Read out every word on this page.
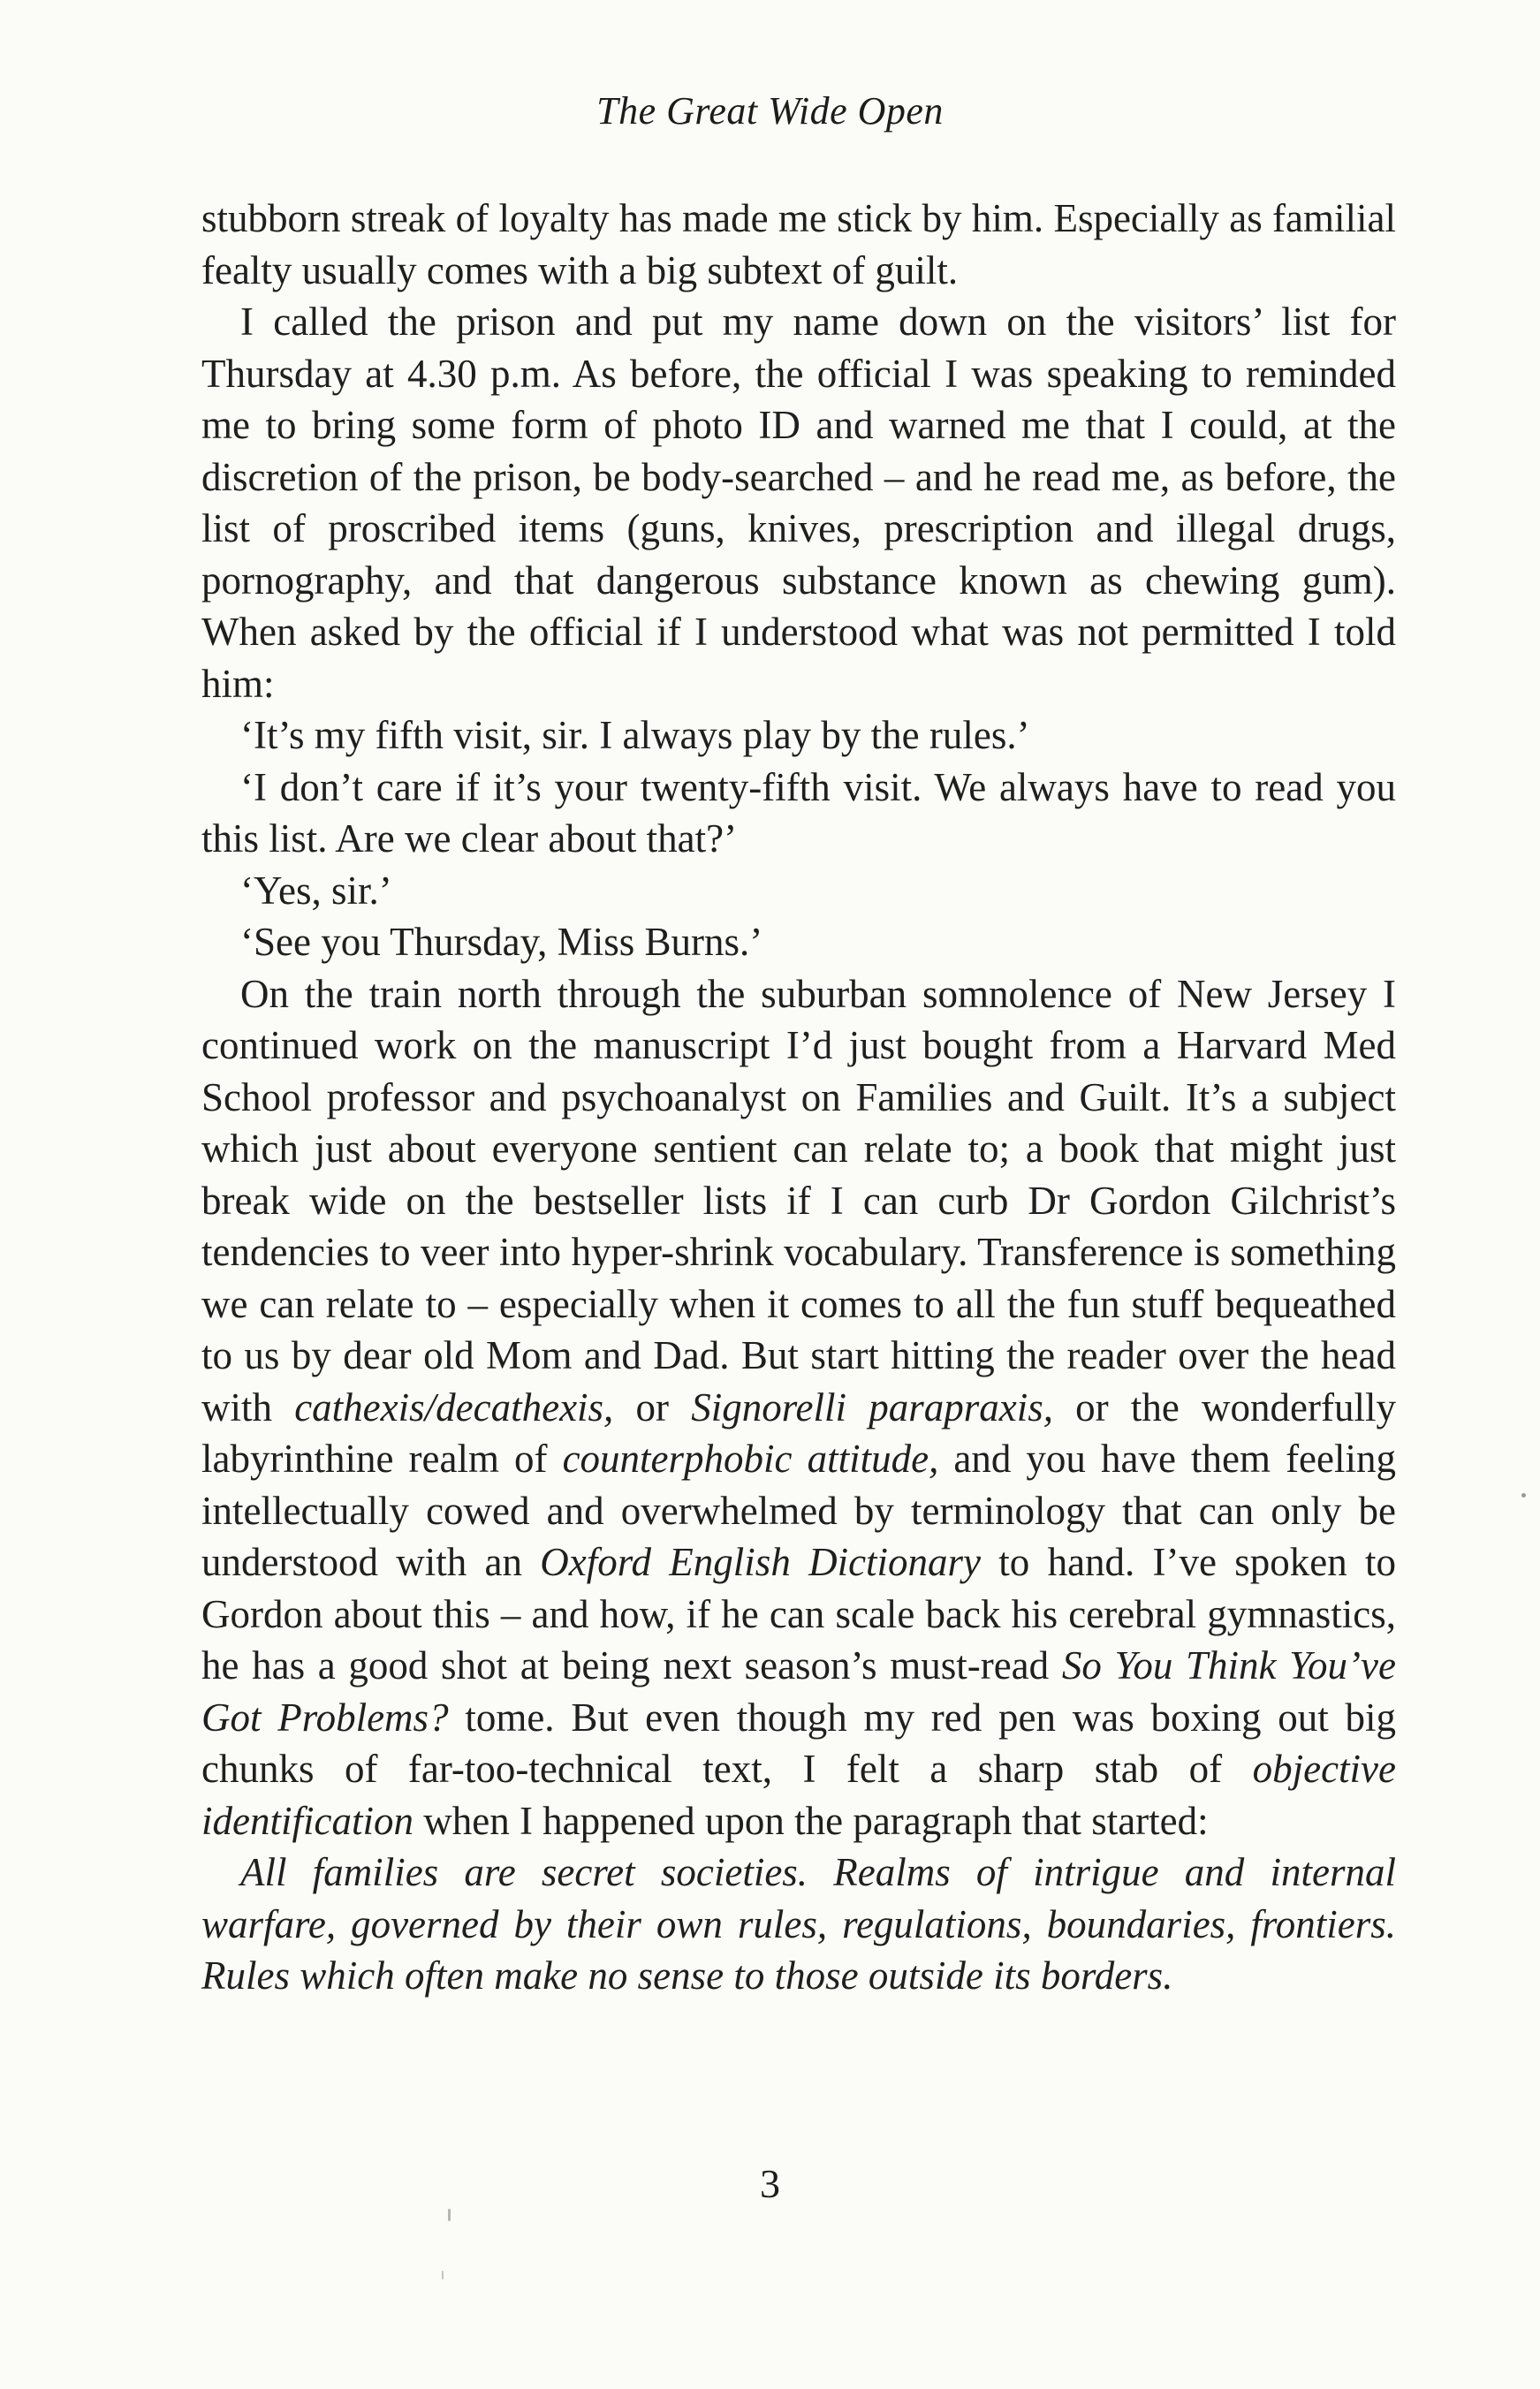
The Great Wide Open

stubborn streak of loyalty has made me stick by him. Especially as familial fealty usually comes with a big subtext of guilt.

I called the prison and put my name down on the visitors’ list for Thursday at 4.30 p.m. As before, the official I was speaking to reminded me to bring some form of photo ID and warned me that I could, at the discretion of the prison, be body-searched – and he read me, as before, the list of proscribed items (guns, knives, prescription and illegal drugs, pornography, and that dangerous substance known as chewing gum). When asked by the official if I understood what was not permitted I told him:

‘It’s my fifth visit, sir. I always play by the rules.’

‘I don’t care if it’s your twenty-fifth visit. We always have to read you this list. Are we clear about that?’

‘Yes, sir.’

‘See you Thursday, Miss Burns.’

On the train north through the suburban somnolence of New Jersey I continued work on the manuscript I’d just bought from a Harvard Med School professor and psychoanalyst on Families and Guilt. It’s a subject which just about everyone sentient can relate to; a book that might just break wide on the bestseller lists if I can curb Dr Gordon Gilchrist’s tendencies to veer into hyper-shrink vocabulary. Transference is something we can relate to – especially when it comes to all the fun stuff bequeathed to us by dear old Mom and Dad. But start hitting the reader over the head with cathexis/decathexis, or Signorelli parapraxis, or the wonderfully labyrinthine realm of counterphobic attitude, and you have them feeling intellectually cowed and overwhelmed by terminology that can only be understood with an Oxford English Dictionary to hand. I’ve spoken to Gordon about this – and how, if he can scale back his cerebral gymnastics, he has a good shot at being next season’s must-read So You Think You’ve Got Problems? tome. But even though my red pen was boxing out big chunks of far-too-technical text, I felt a sharp stab of objective identification when I happened upon the paragraph that started:

All families are secret societies. Realms of intrigue and internal warfare, governed by their own rules, regulations, boundaries, frontiers. Rules which often make no sense to those outside its borders.

3
